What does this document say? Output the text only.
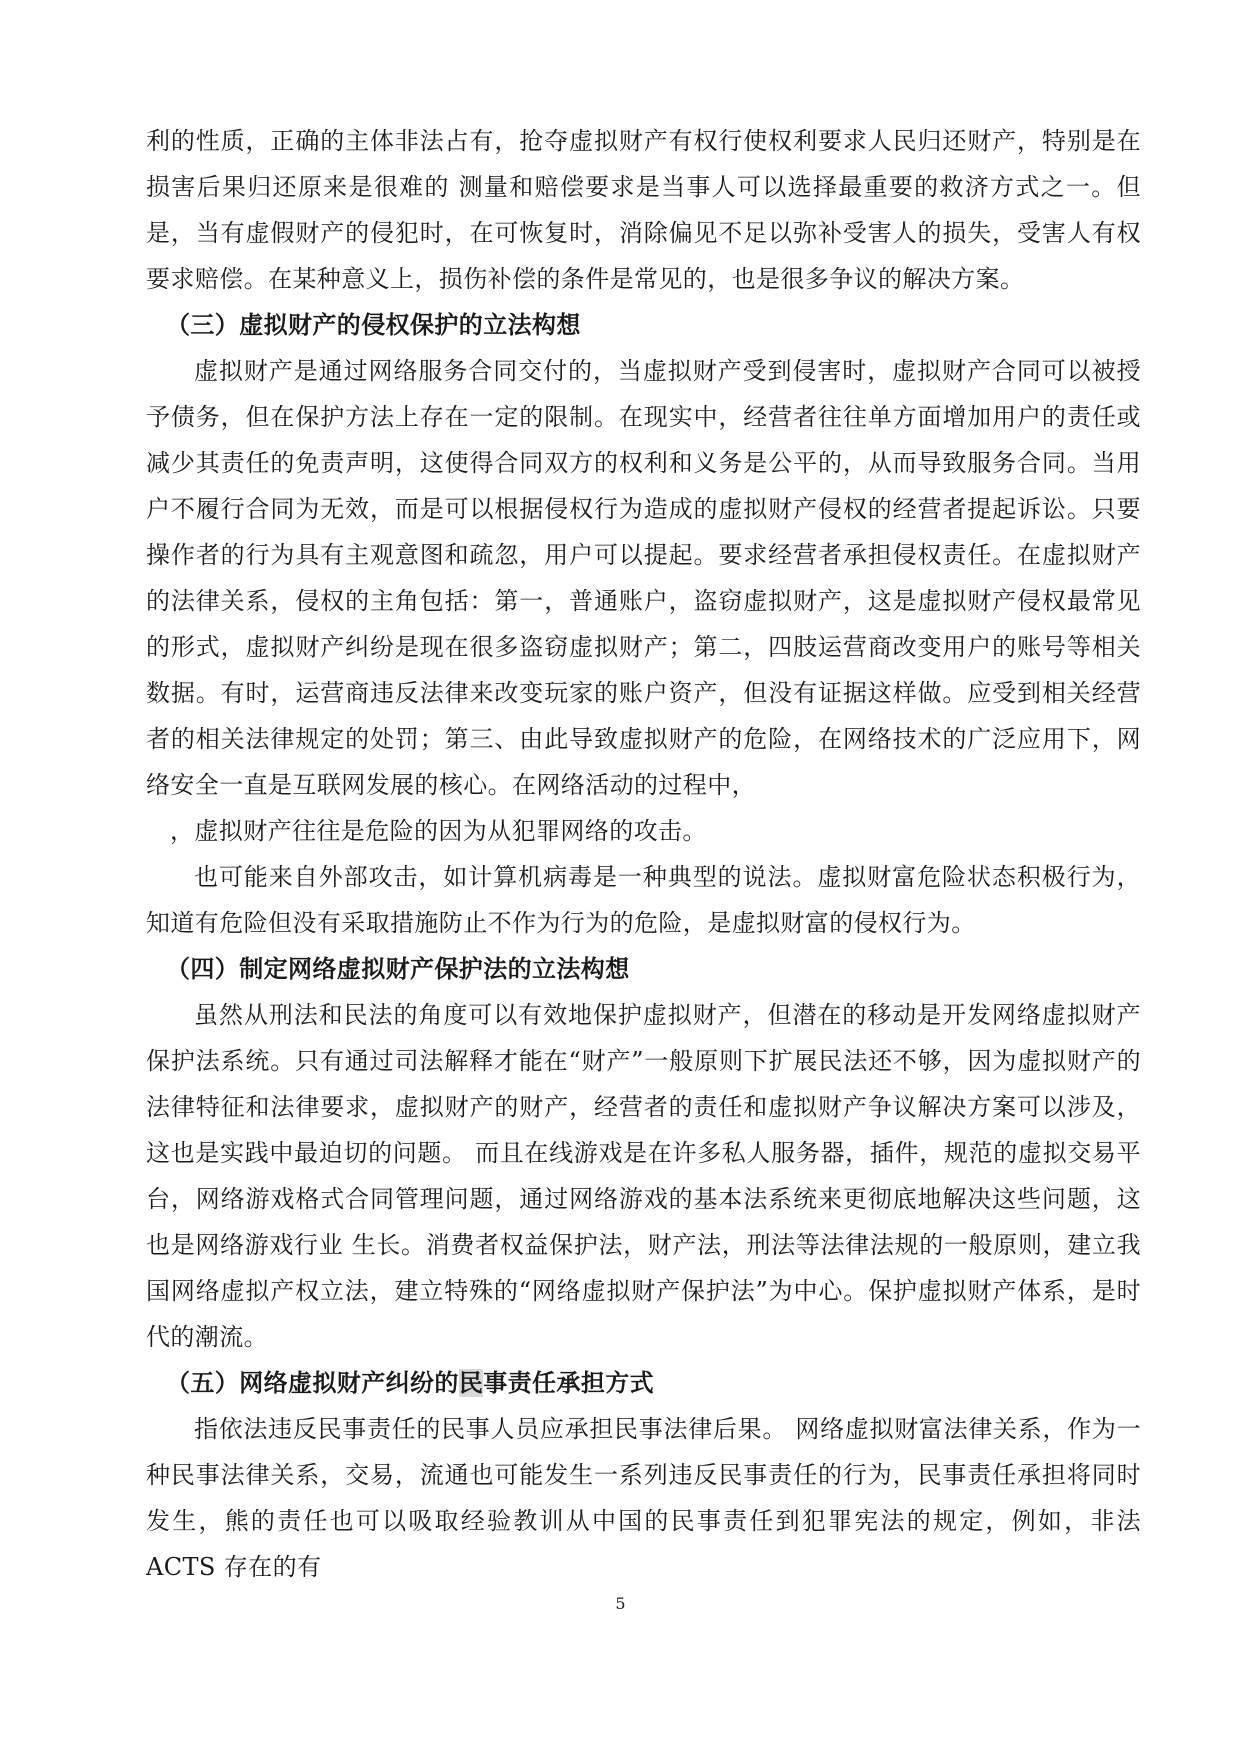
利的性质，正确的主体非法占有，抢夺虚拟财产有权行使权利要求人民归还财产，特别是在损害后果归还原来是很难的 测量和赔偿要求是当事人可以选择最重要的救济方式之一。但是，当有虚假财产的侵犯时，在可恢复时，消除偏见不足以弥补受害人的损失，受害人有权要求赔偿。在某种意义上，损伤补偿的条件是常见的，也是很多争议的解决方案。

（三）虚拟财产的侵权保护的立法构想

虚拟财产是通过网络服务合同交付的，当虚拟财产受到侵害时，虚拟财产合同可以被授予债务，但在保护方法上存在一定的限制。在现实中，经营者往往单方面增加用户的责任或减少其责任的免责声明，这使得合同双方的权利和义务是公平的，从而导致服务合同。当用户不履行合同为无效，而是可以根据侵权行为造成的虚拟财产侵权的经营者提起诉讼。只要操作者的行为具有主观意图和疏忽，用户可以提起。要求经营者承担侵权责任。在虚拟财产的法律关系，侵权的主角包括：第一，普通账户，盗窃虚拟财产，这是虚拟财产侵权最常见的形式，虚拟财产纠纷是现在很多盗窃虚拟财产；第二，四肢运营商改变用户的账号等相关数据。有时，运营商违反法律来改变玩家的账户资产，但没有证据这样做。应受到相关经营者的相关法律规定的处罚；第三、由此导致虚拟财产的危险，在网络技术的广泛应用下，网络安全一直是互联网发展的核心。在网络活动的过程中，

，虚拟财产往往是危险的因为从犯罪网络的攻击。

也可能来自外部攻击，如计算机病毒是一种典型的说法。虚拟财富危险状态积极行为，知道有危险但没有采取措施防止不作为行为的危险，是虚拟财富的侵权行为。

（四）制定网络虚拟财产保护法的立法构想

虽然从刑法和民法的角度可以有效地保护虚拟财产，但潜在的移动是开发网络虚拟财产保护法系统。只有通过司法解释才能在“财产”一般原则下扩展民法还不够，因为虚拟财产的法律特征和法律要求，虚拟财产的财产，经营者的责任和虚拟财产争议解决方案可以涉及，这也是实践中最迫切的问题。 而且在线游戏是在许多私人服务器，插件，规范的虚拟交易平台，网络游戏格式合同管理问题，通过网络游戏的基本法系统来更彻底地解决这些问题，这也是网络游戏行业 生长。消费者权益保护法，财产法，刑法等法律法规的一般原则，建立我国网络虚拟产权立法，建立特殊的“网络虚拟财产保护法”为中心。保护虚拟财产体系，是时代的潮流。

（五）网络虚拟财产纠纷的民事责任承担方式

指依法违反民事责任的民事人员应承担民事法律后果。 网络虚拟财富法律关系，作为一种民事法律关系，交易，流通也可能发生一系列违反民事责任的行为，民事责任承担将同时发生，熊的责任也可以吸取经验教训从中国的民事责任到犯罪宪法的规定，例如，非法 ACTS 存在的有

5
